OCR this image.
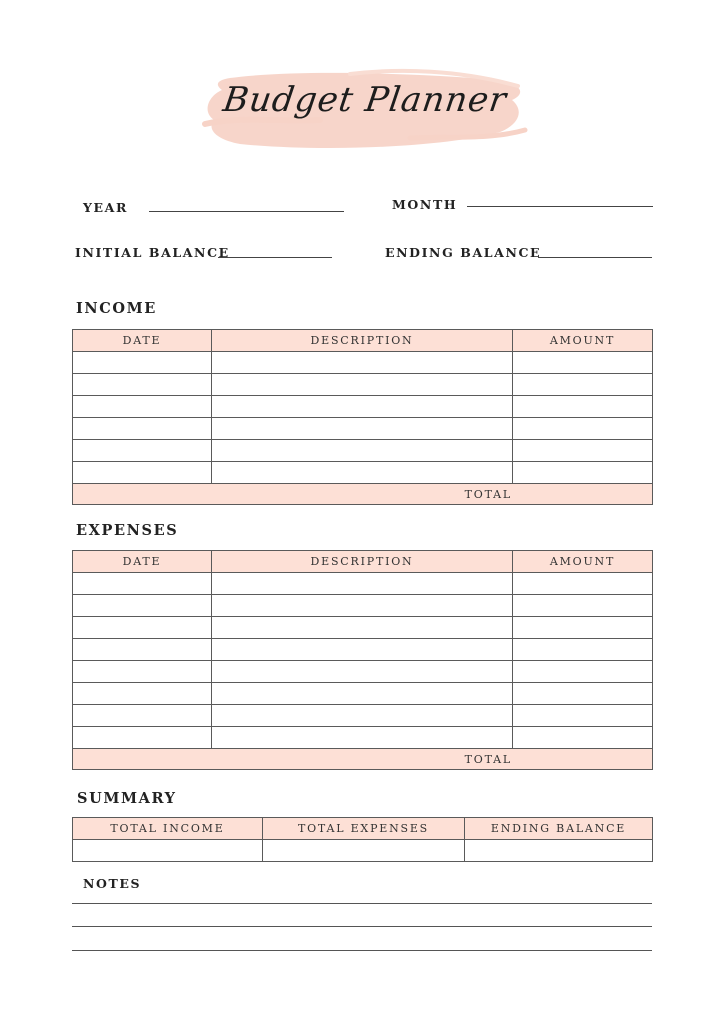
Budget Planner
YEAR	MONTH
INITIAL BALANCE	ENDING BALANCE
INCOME
DATE	DESCRIPTION	AMOUNT

TOTAL		
EXPENSES
DATE	DESCRIPTION	AMOUNT

TOTAL		
SUMMARY
TOTAL INCOME	TOTAL EXPENSES	ENDING BALANCE

NOTES
